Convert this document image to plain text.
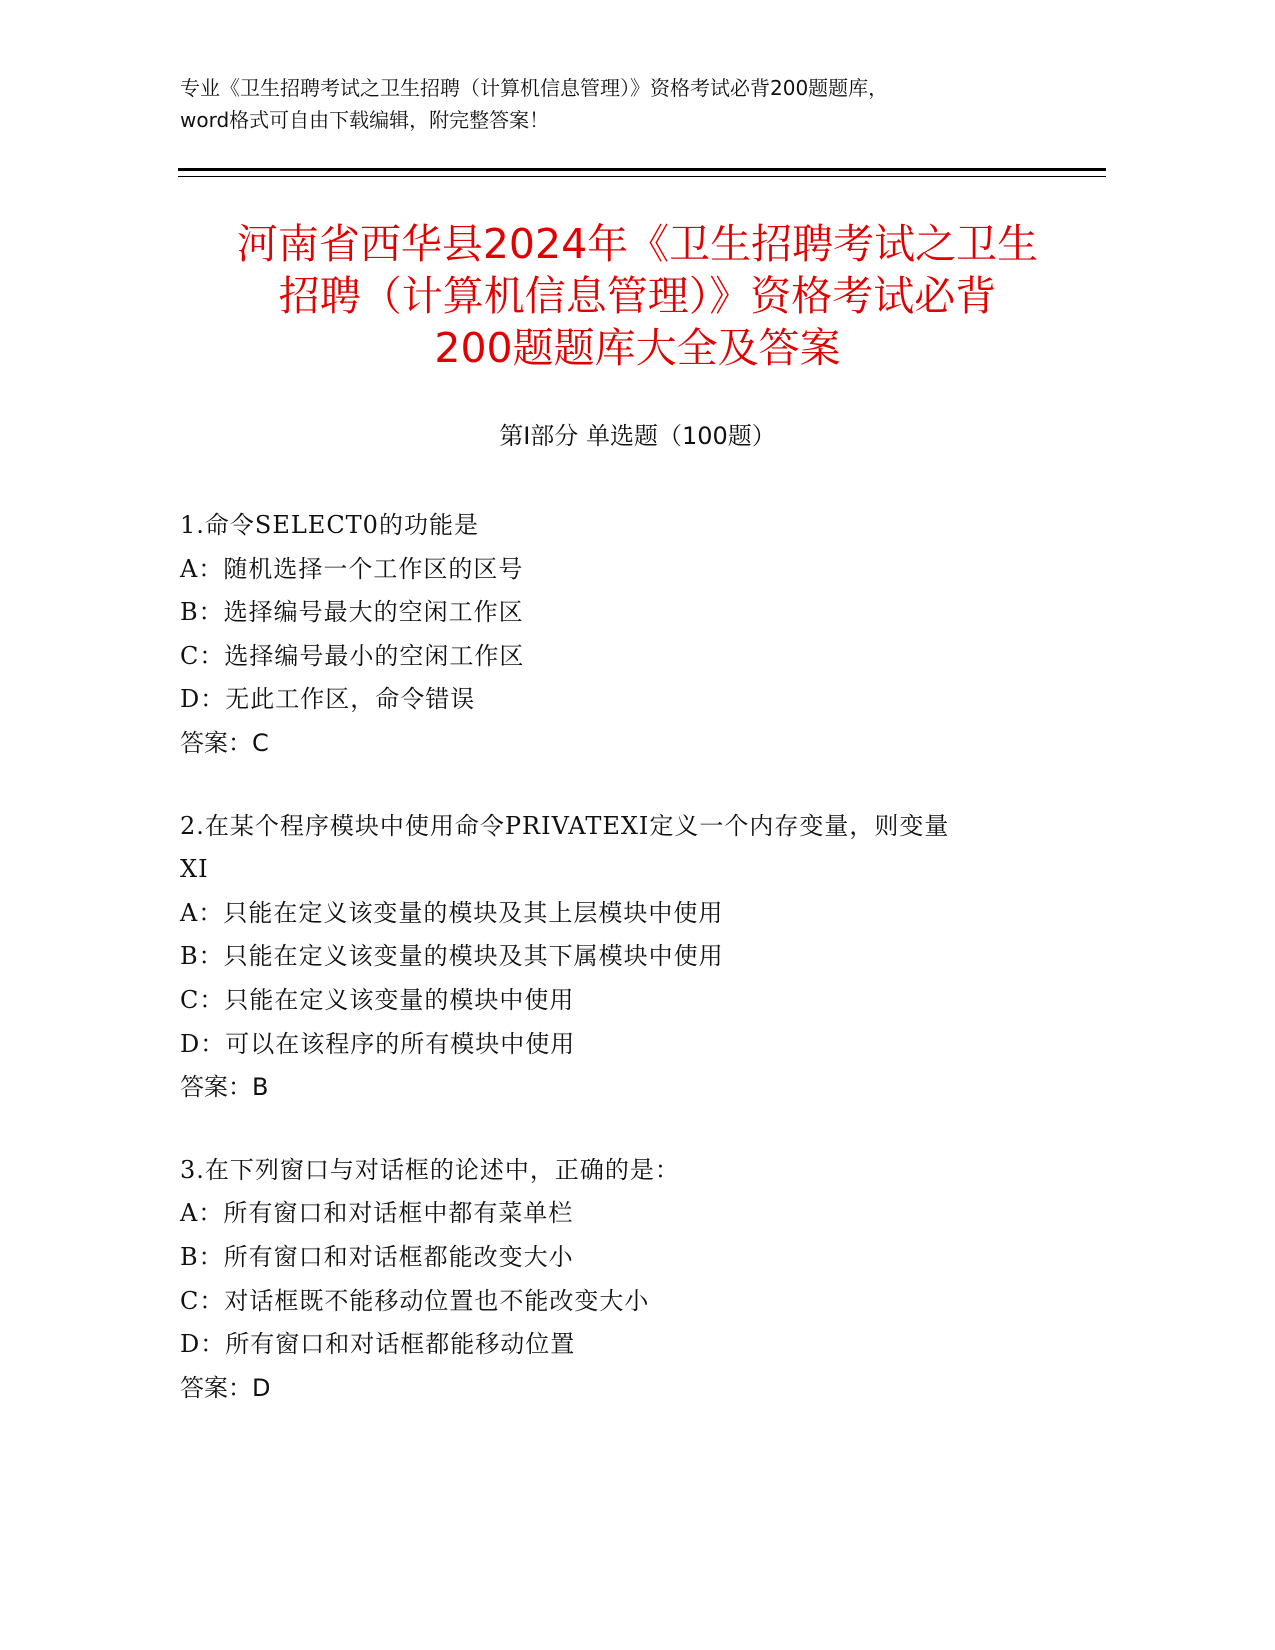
专业《卫生招聘考试之卫生招聘（计算机信息管理）》资格考试必背200题题库，

word格式可自由下载编辑，附完整答案！

河南省西华县2024年《卫生招聘考试之卫生
招聘（计算机信息管理）》资格考试必背
200题题库大全及答案
第Ⅰ部分 单选题（100题）

1.命令SELECT0的功能是

A：随机选择一个工作区的区号

B：选择编号最大的空闲工作区

C：选择编号最小的空闲工作区

D：无此工作区，命令错误

答案：C

2.在某个程序模块中使用命令PRIVATEXI定义一个内存变量，则变量

XI

A：只能在定义该变量的模块及其上层模块中使用

B：只能在定义该变量的模块及其下属模块中使用

C：只能在定义该变量的模块中使用

D：可以在该程序的所有模块中使用

答案：B

3.在下列窗口与对话框的论述中，正确的是：

A：所有窗口和对话框中都有菜单栏

B：所有窗口和对话框都能改变大小

C：对话框既不能移动位置也不能改变大小

D：所有窗口和对话框都能移动位置

答案：D
